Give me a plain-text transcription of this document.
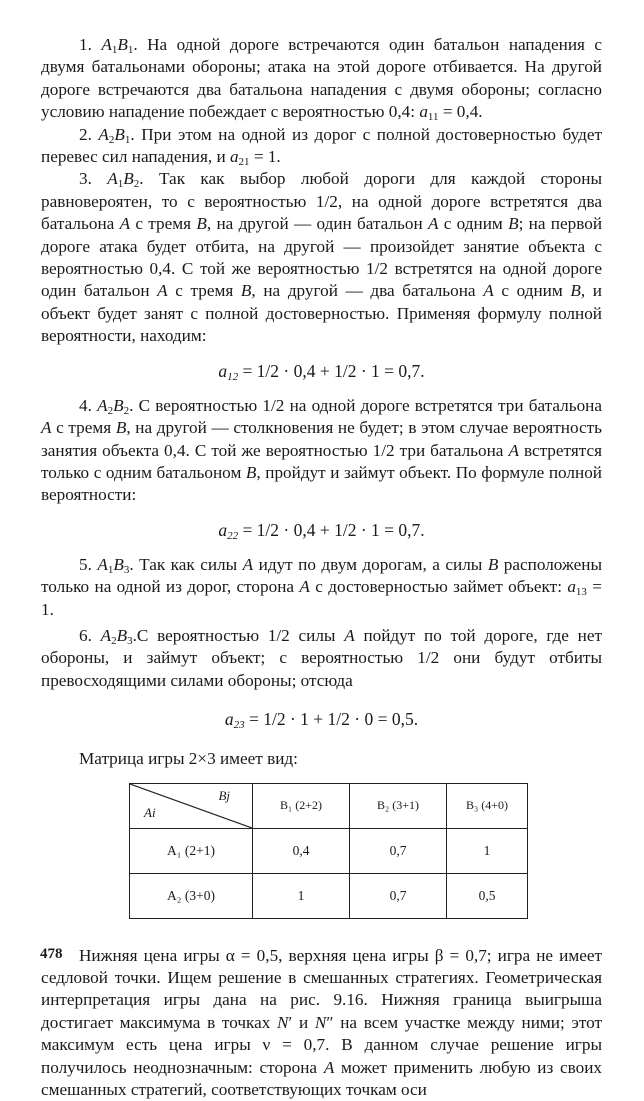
1. $A_1B_1$. На одной дороге встречаются один батальон нападения с двумя батальонами обороны; атака на этой дороге отбивается. На другой дороге встречаются два батальона нападения с двумя обороны; согласно условию нападение побеждает с вероятностью 0,4: $a_{11} = 0,4$.

2. $A_2B_1$. При этом на одной из дорог с полной достоверностью будет перевес сил нападения, и $a_{21} = 1$.

3. $A_1B_2$. Так как выбор любой дороги для каждой стороны равновероятен, то с вероятностью 1/2, на одной дороге встретятся два батальона A с тремя B, на другой — один батальон A с одним B; на первой дороге атака будет отбита, на другой — произойдет занятие объекта с вероятностью 0,4. С той же вероятностью 1/2 встретятся на одной дороге один батальон A с тремя B, на другой — два батальона A с одним B, и объект будет занят с полной достоверностью. Применяя формулу полной вероятности, находим:

$a_{12} = 1/2 \cdot 0,4 + 1/2 \cdot 1 = 0,7$.

4. $A_2B_2$. С вероятностью 1/2 на одной дороге встретятся три батальона A с тремя B, на другой — столкновения не будет; в этом случае вероятность занятия объекта 0,4. С той же вероятностью 1/2 три батальона A встретятся только с одним батальоном B, пройдут и займут объект. По формуле полной вероятности:

$a_{22} = 1/2 \cdot 0,4 + 1/2 \cdot 1 = 0,7$.

5. $A_1B_3$. Так как силы A идут по двум дорогам, а силы B расположены только на одной из дорог, сторона A с достоверностью займет объект: $a_{13} = 1$.

6. $A_2B_3.С$ вероятностью 1/2 силы A пойдут по той дороге, где нет обороны, и займут объект; с вероятностью 1/2 они будут отбиты превосходящими силами обороны; отсюда

$a_{23} = 1/2 \cdot 1 + 1/2 \cdot 0 = 0,5$.

Матрица игры 2×3 имеет вид:

Bj
Ai	B₁ (2+2)	B₂ (3+1)	B₃ (4+0)
A₁ (2+1)	0,4	0,7	1
A₂ (3+0)	1	0,7	0,5

Нижняя цена игры α = 0,5, верхняя цена игры β = 0,7; игра не имеет седловой точки. Ищем решение в смешанных стратегиях. Геометрическая интерпретация игры дана на рис. 9.16. Нижняя граница выигрыша достигает максимума в точках N′ и N″ на всем участке между ними; этот максимум есть цена игры ν = 0,7. В данном случае решение игры получилось неоднозначным: сторона A может применить любую из своих смешанных стратегий, соответствующих точкам оси

478
